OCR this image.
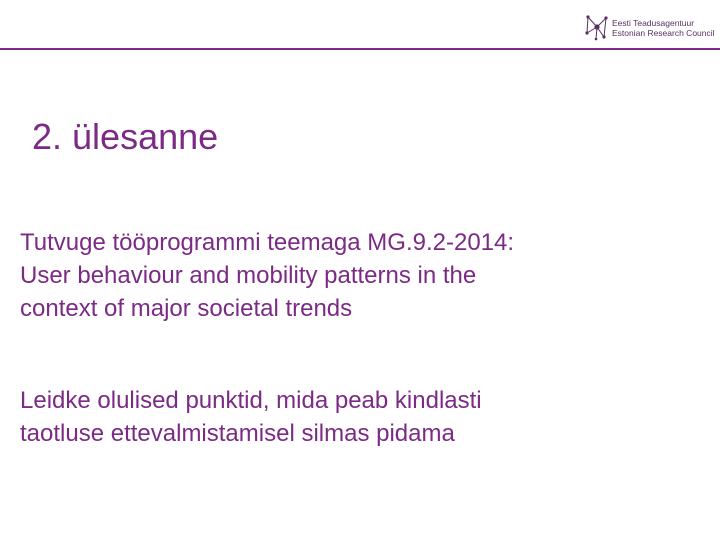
Eesti Teadusagentuur
Estonian Research Council
2. ülesanne
Tutvuge tööprogrammi teemaga MG.9.2-2014:
User behaviour and mobility patterns in the
context of major societal trends
Leidke olulised punktid, mida peab kindlasti
taotluse ettevalmistamisel silmas pidama
